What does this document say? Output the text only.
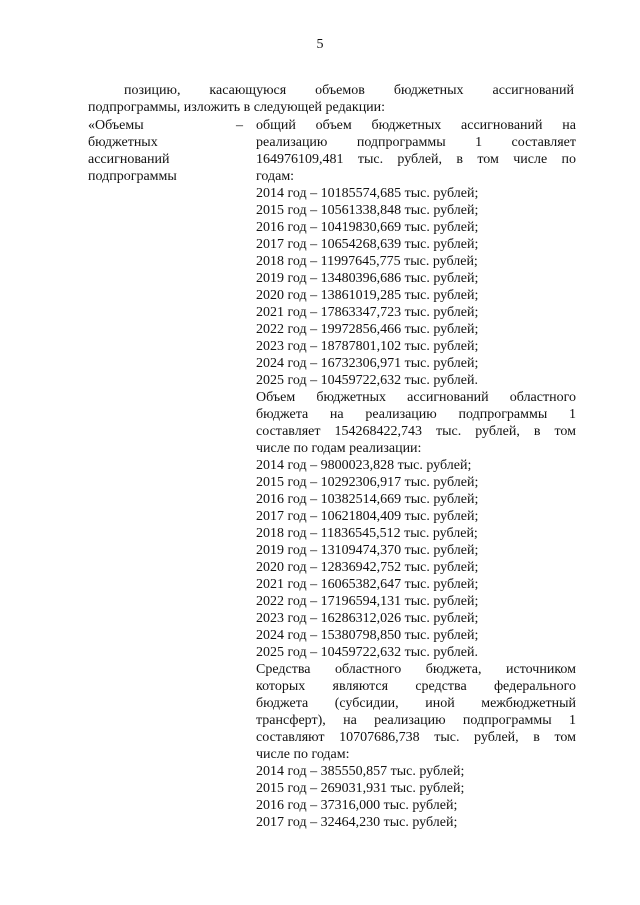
5
позицию, касающуюся объемов бюджетных ассигнований
подпрограммы, изложить в следующей редакции:
«Объемы
бюджетных
ассигнований
подпрограммы
– общий объем бюджетных ассигнований на
реализацию подпрограммы 1 составляет
164976109,481 тыс. рублей, в том числе по
годам:
2014 год – 10185574,685 тыс. рублей;
2015 год – 10561338,848 тыс. рублей;
2016 год – 10419830,669 тыс. рублей;
2017 год – 10654268,639 тыс. рублей;
2018 год – 11997645,775 тыс. рублей;
2019 год – 13480396,686 тыс. рублей;
2020 год – 13861019,285 тыс. рублей;
2021 год – 17863347,723 тыс. рублей;
2022 год – 19972856,466 тыс. рублей;
2023 год – 18787801,102 тыс. рублей;
2024 год – 16732306,971 тыс. рублей;
2025 год – 10459722,632 тыс. рублей.
Объем бюджетных ассигнований областного
бюджета на реализацию подпрограммы 1
составляет 154268422,743 тыс. рублей, в том
числе по годам реализации:
2014 год – 9800023,828 тыс. рублей;
2015 год – 10292306,917 тыс. рублей;
2016 год – 10382514,669 тыс. рублей;
2017 год – 10621804,409 тыс. рублей;
2018 год – 11836545,512 тыс. рублей;
2019 год – 13109474,370 тыс. рублей;
2020 год – 12836942,752 тыс. рублей;
2021 год – 16065382,647 тыс. рублей;
2022 год – 17196594,131 тыс. рублей;
2023 год – 16286312,026 тыс. рублей;
2024 год – 15380798,850 тыс. рублей;
2025 год – 10459722,632 тыс. рублей.
Средства областного бюджета, источником
которых являются средства федерального
бюджета (субсидии, иной межбюджетный
трансферт), на реализацию подпрограммы 1
составляют 10707686,738 тыс. рублей, в том
числе по годам:
2014 год – 385550,857 тыс. рублей;
2015 год – 269031,931 тыс. рублей;
2016 год – 37316,000 тыс. рублей;
2017 год – 32464,230 тыс. рублей;
